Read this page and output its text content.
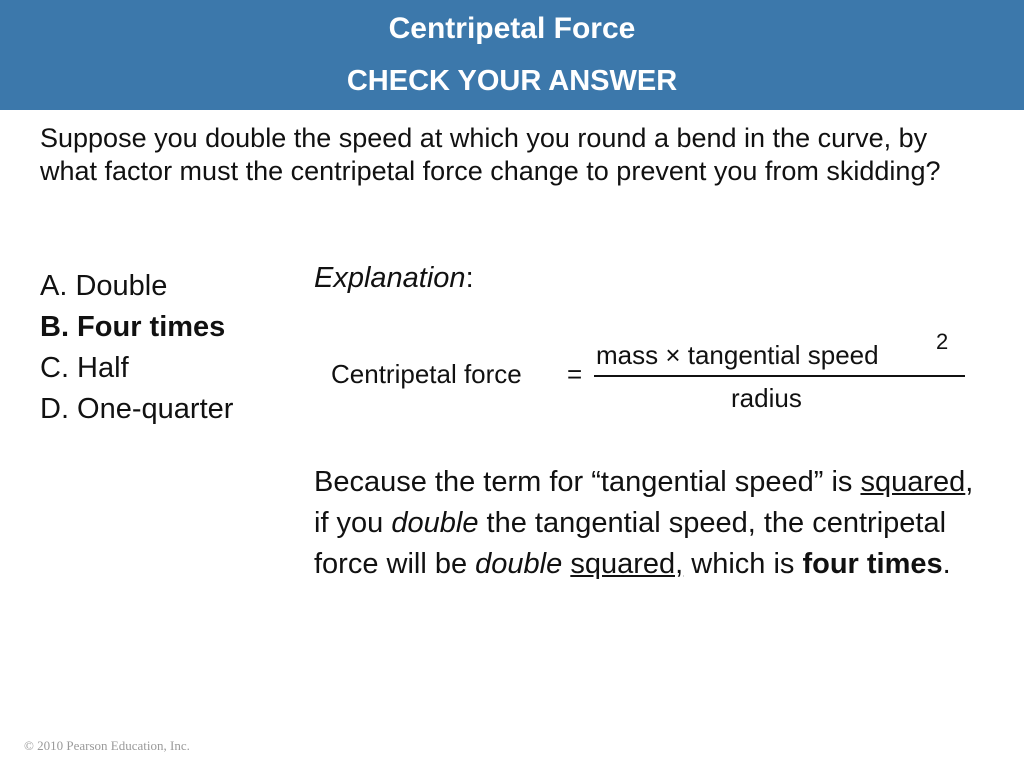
Centripetal Force
CHECK YOUR ANSWER
Suppose you double the speed at which you round a bend in the curve, by what factor must the centripetal force change to prevent you from skidding?
A. Double
B. Four times
C. Half
D. One-quarter
Explanation:
Centripetal force =
mass × tangential speed	2
radius
Because the term for “tangential speed” is squared, if you double the tangential speed, the centripetal force will be double squared, which is four times.
© 2010 Pearson Education, Inc.
